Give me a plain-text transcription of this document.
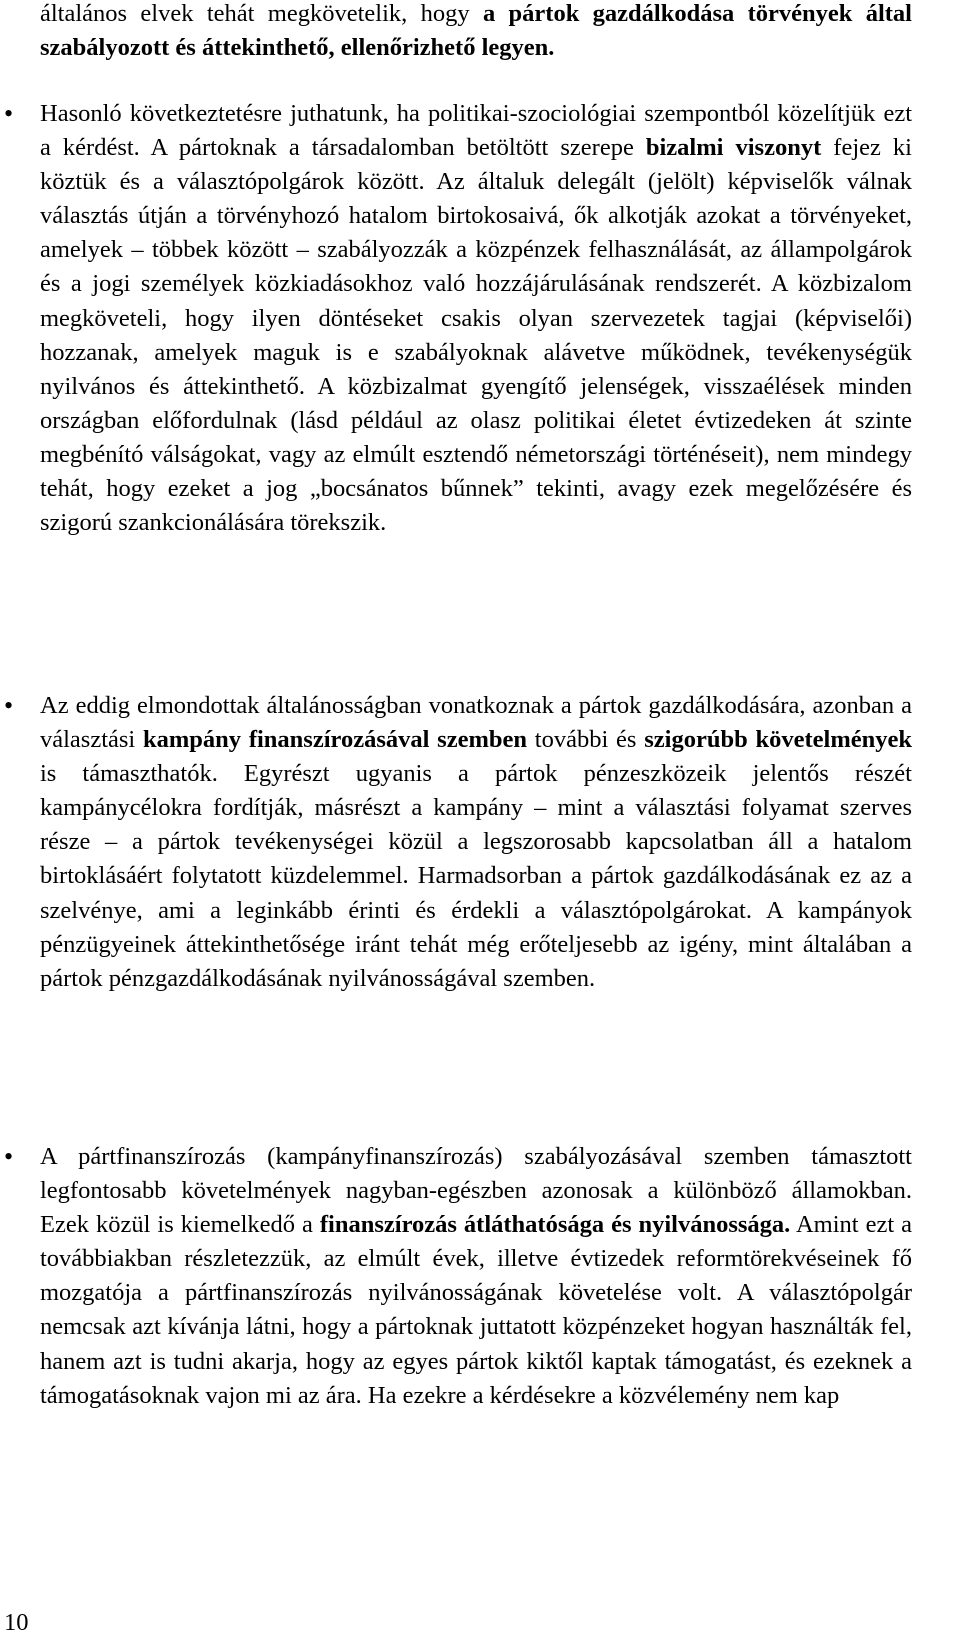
általános elvek tehát megkövetelik, hogy a pártok gazdálkodása törvények által szabályozott és áttekinthető, ellenőrizhető legyen.

• Hasonló következtetésre juthatunk, ha politikai-szociológiai szempontból közelítjük ezt a kérdést. A pártoknak a társadalomban betöltött szerepe bizalmi viszonyt fejez ki köztük és a választópolgárok között. Az általuk delegált (jelölt) képviselők válnak választás útján a törvényhozó hatalom birtokosaivá, ők alkotják azokat a törvényeket, amelyek – többek között – szabályozzák a közpénzek felhasználását, az állampolgárok és a jogi személyek közkiadásokhoz való hozzájárulásának rendszerét. A közbizalom megköveteli, hogy ilyen döntéseket csakis olyan szervezetek tagjai (képviselői) hozzanak, amelyek maguk is e szabályoknak alávetve működnek, tevékenységük nyilvános és áttekinthető. A közbizalmat gyengítő jelenségek, visszaélések minden országban előfordulnak (lásd például az olasz politikai életet évtizedeken át szinte megbénító válságokat, vagy az elmúlt esztendő németországi történéseit), nem mindegy tehát, hogy ezeket a jog „bocsánatos bűnnek” tekinti, avagy ezek megelőzésére és szigorú szankcionálására törekszik.

• Az eddig elmondottak általánosságban vonatkoznak a pártok gazdálkodására, azonban a választási kampány finanszírozásával szemben további és szigorúbb követelmények is támaszthatók. Egyrészt ugyanis a pártok pénzeszközeik jelentős részét kampánycélokra fordítják, másrészt a kampány – mint a választási folyamat szerves része – a pártok tevékenységei közül a legszorosabb kapcsolatban áll a hatalom birtoklásáért folytatott küzdelemmel. Harmadsorban a pártok gazdálkodásának ez az a szelvénye, ami a leginkább érinti és érdekli a választópolgárokat. A kampányok pénzügyeinek áttekinthetősége iránt tehát még erőteljesebb az igény, mint általában a pártok pénzgazdálkodásának nyilvánosságával szemben.

• A pártfinanszírozás (kampányfinanszírozás) szabályozásával szemben támasztott legfontosabb követelmények nagyban-egészben azonosak a különböző államokban. Ezek közül is kiemelkedő a finanszírozás átláthatósága és nyilvánossága. Amint ezt a továbbiakban részletezzük, az elmúlt évek, illetve évtizedek reformtörekvéseinek fő mozgatója a pártfinanszírozás nyilvánosságának követelése volt. A választópolgár nemcsak azt kívánja látni, hogy a pártoknak juttatott közpénzeket hogyan használták fel, hanem azt is tudni akarja, hogy az egyes pártok kiktől kaptak támogatást, és ezeknek a támogatásoknak vajon mi az ára. Ha ezekre a kérdésekre a közvélemény nem kap

10
